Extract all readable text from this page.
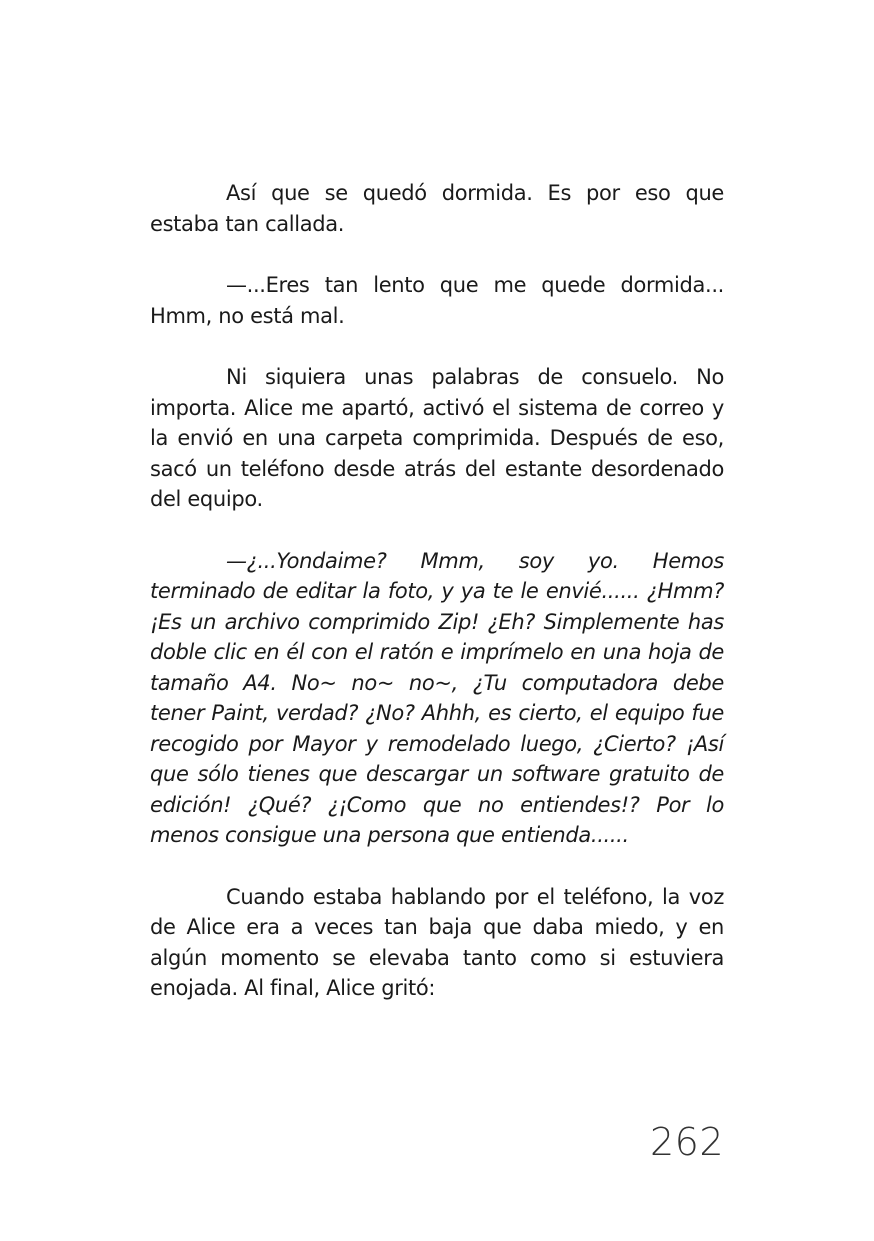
Así que se quedó dormida. Es por eso que estaba tan callada.

—...Eres tan lento que me quede dormida... Hmm, no está mal.

Ni siquiera unas palabras de consuelo. No importa. Alice me apartó, activó el sistema de correo y la envió en una carpeta comprimida. Después de eso, sacó un teléfono desde atrás del estante desordenado del equipo.

—¿...Yondaime? Mmm, soy yo. Hemos terminado de editar la foto, y ya te le envié...... ¿Hmm? ¡Es un archivo comprimido Zip! ¿Eh? Simplemente has doble clic en él con el ratón e imprímelo en una hoja de tamaño A4. No~ no~ no~, ¿Tu computadora debe tener Paint, verdad? ¿No? Ahhh, es cierto, el equipo fue recogido por Mayor y remodelado luego, ¿Cierto? ¡Así que sólo tienes que descargar un software gratuito de edición! ¿Qué? ¿¡Como que no entiendes!? Por lo menos consigue una persona que entienda......

Cuando estaba hablando por el teléfono, la voz de Alice era a veces tan baja que daba miedo, y en algún momento se elevaba tanto como si estuviera enojada. Al final, Alice gritó:

262
